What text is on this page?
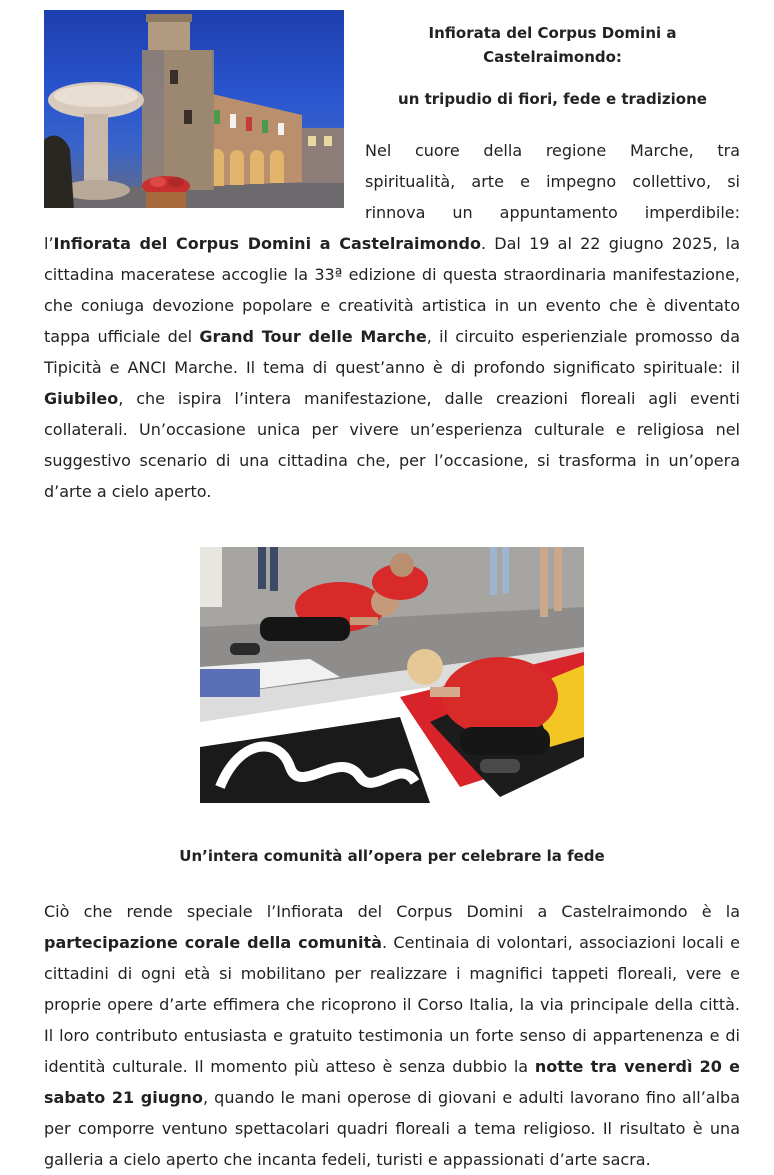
Infiorata del Corpus Domini a Castelraimondo:
un tripudio di fiori, fede e tradizione

Nel cuore della regione Marche, tra spiritualità, arte e impegno collettivo, si rinnova un appuntamento imperdibile: l’Infiorata del Corpus Domini a Castelraimondo. Dal 19 al 22 giugno 2025, la cittadina maceratese accoglie la 33ª edizione di questa straordinaria manifestazione, che coniuga devozione popolare e creatività artistica in un evento che è diventato tappa ufficiale del Grand Tour delle Marche, il circuito esperienziale promosso da Tipicità e ANCI Marche. Il tema di quest’anno è di profondo significato spirituale: il Giubileo, che ispira l’intera manifestazione, dalle creazioni floreali agli eventi collaterali. Un’occasione unica per vivere un’esperienza culturale e religiosa nel suggestivo scenario di una cittadina che, per l’occasione, si trasforma in un’opera d’arte a cielo aperto.

Un’intera comunità all’opera per celebrare la fede

Ciò che rende speciale l’Infiorata del Corpus Domini a Castelraimondo è la partecipazione corale della comunità. Centinaia di volontari, associazioni locali e cittadini di ogni età si mobilitano per realizzare i magnifici tappeti floreali, vere e proprie opere d’arte effimera che ricoprono il Corso Italia, la via principale della città. Il loro contributo entusiasta e gratuito testimonia un forte senso di appartenenza e di identità culturale. Il momento più atteso è senza dubbio la notte tra venerdì 20 e sabato 21 giugno, quando le mani operose di giovani e adulti lavorano fino all’alba per comporre ventuno spettacolari quadri floreali a tema religioso. Il risultato è una galleria a cielo aperto che incanta fedeli, turisti e appassionati d’arte sacra.
